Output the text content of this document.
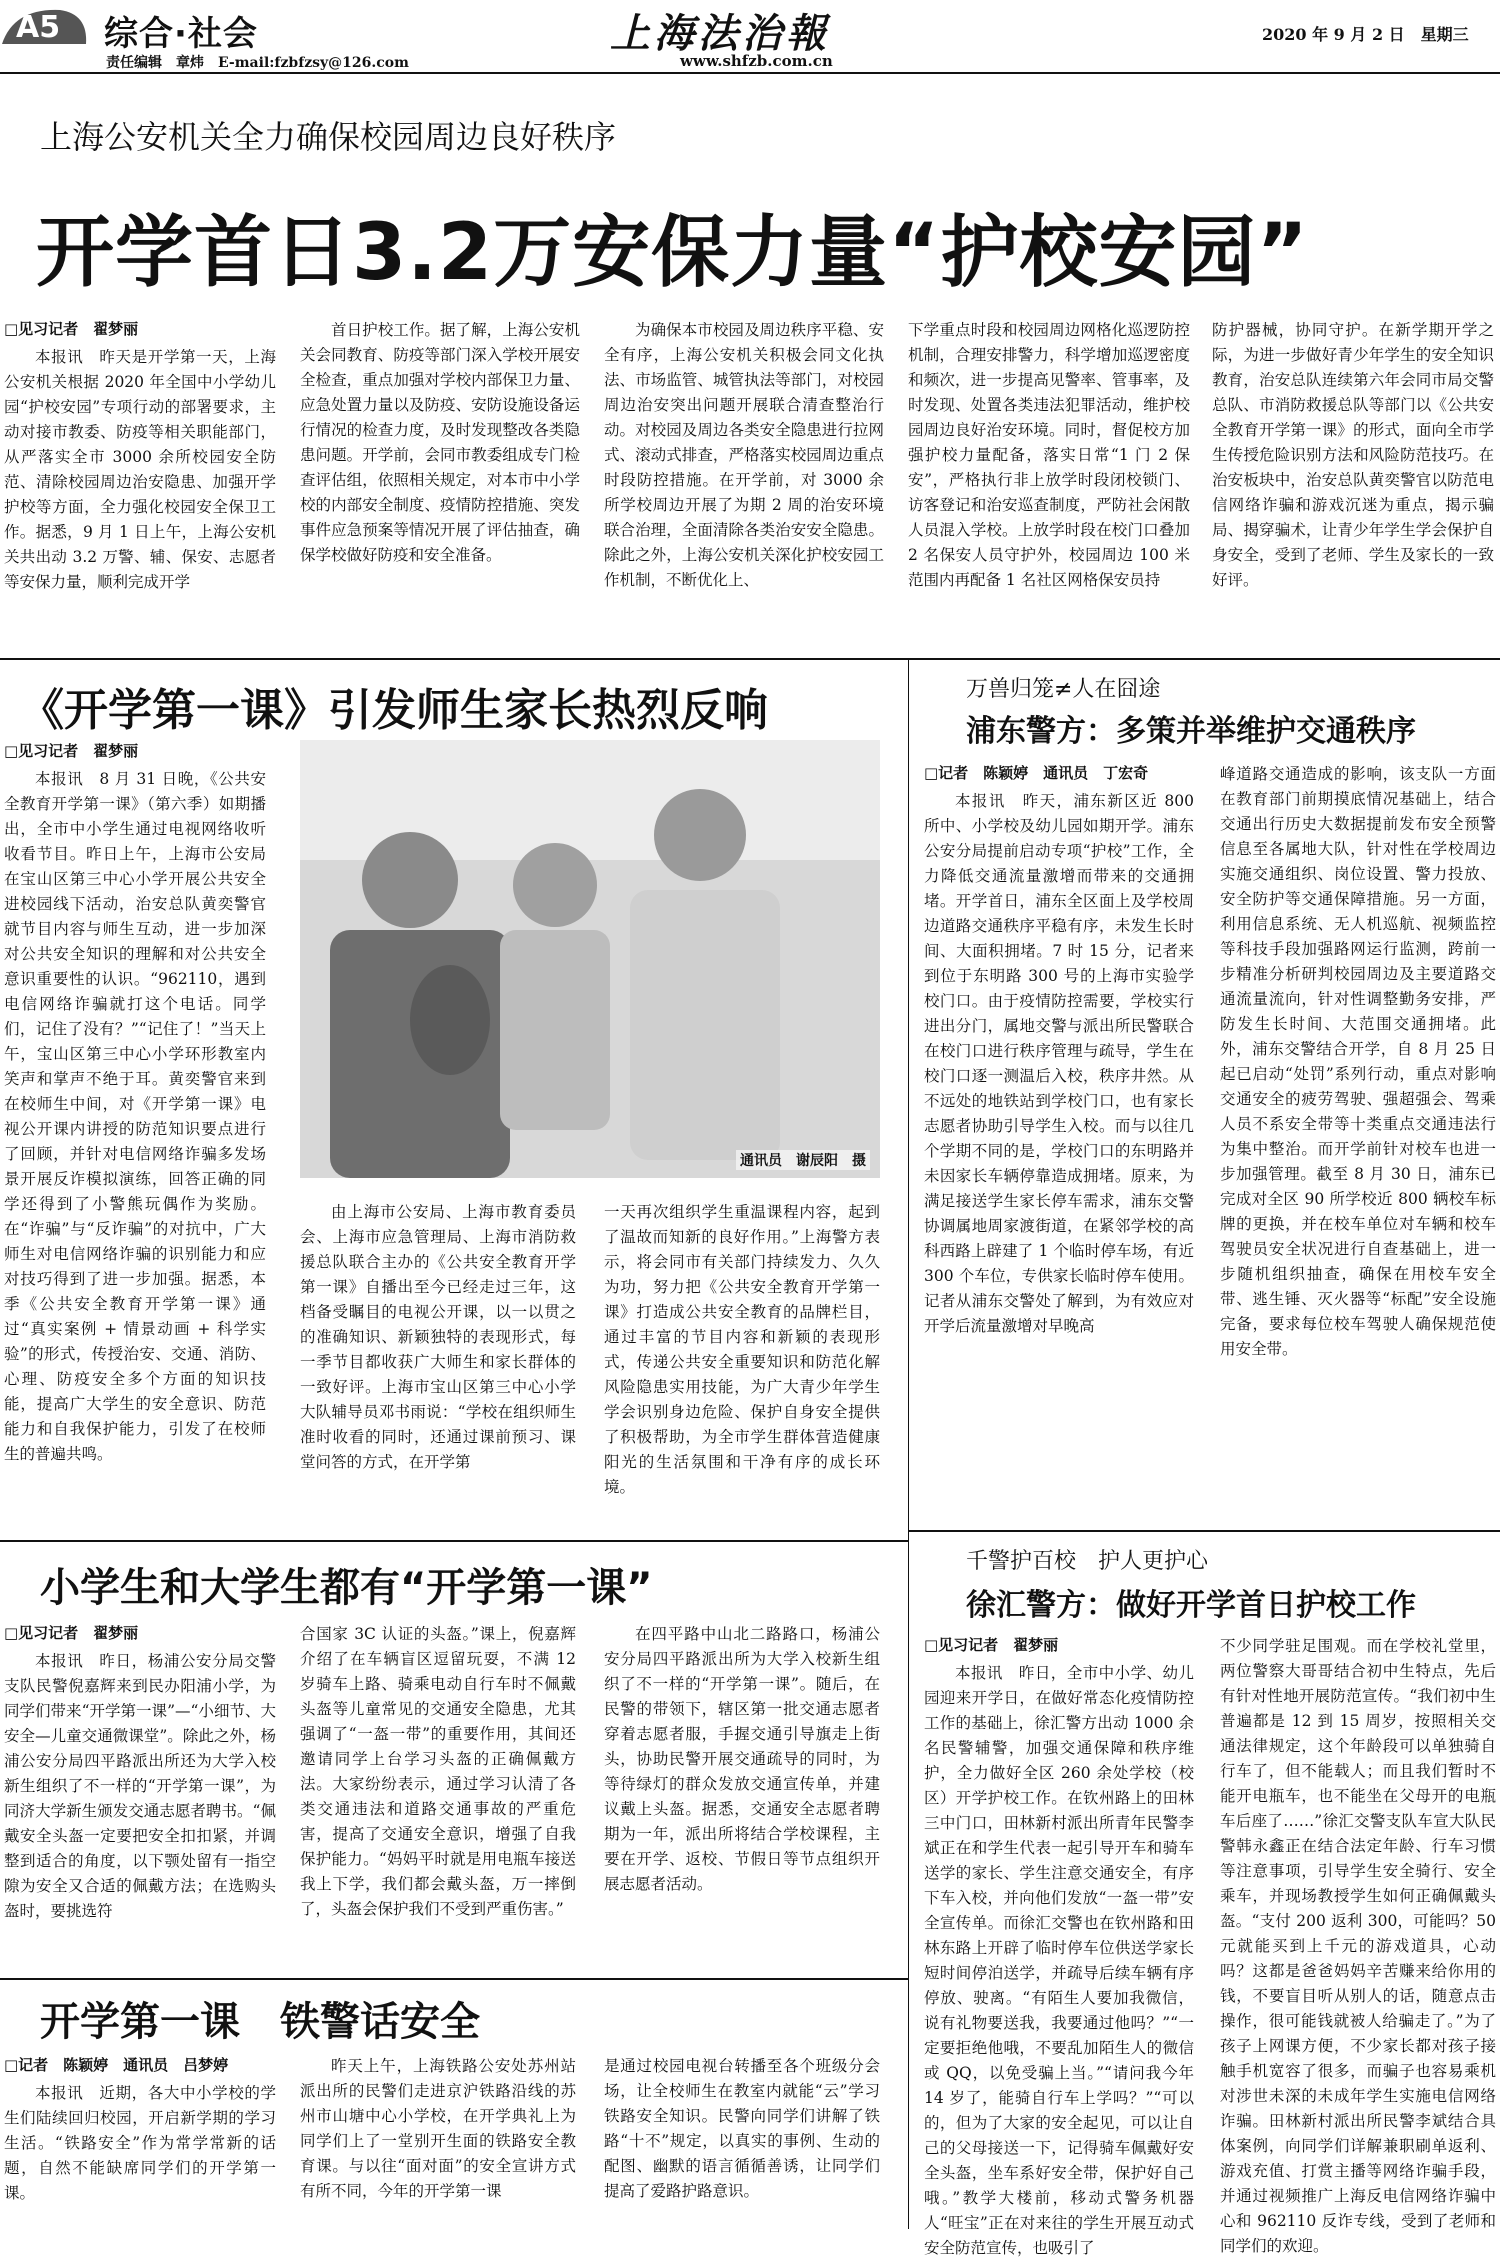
A5 综合·社会
责任编辑　章炜　E-mail:fzbfzsy@126.com
上海法治報
www.shfzb.com.cn
2020 年 9 月 2 日　星期三
上海公安机关全力确保校园周边良好秩序
开学首日3.2万安保力量“护校安园”

□见习记者　翟梦丽

本报讯　昨天是开学第一天，上海公安机关根据 2020 年全国中小学幼儿园“护校安园”专项行动的部署要求，主动对接市教委、防疫等相关职能部门，从严落实全市 3000 余所校园安全防范、清除校园周边治安隐患、加强开学护校等方面，全力强化校园安全保卫工作。据悉，9 月 1 日上午，上海公安机关共出动 3.2 万警、辅、保安、志愿者等安保力量，顺利完成开学

首日护校工作。据了解，上海公安机关会同教育、防疫等部门深入学校开展安全检查，重点加强对学校内部保卫力量、应急处置力量以及防疫、安防设施设备运行情况的检查力度，及时发现整改各类隐患问题。开学前，会同市教委组成专门检查评估组，依照相关规定，对本市中小学校的内部安全制度、疫情防控措施、突发事件应急预案等情况开展了评估抽查，确保学校做好防疫和安全准备。

为确保本市校园及周边秩序平稳、安全有序，上海公安机关积极会同文化执法、市场监管、城管执法等部门，对校园周边治安突出问题开展联合清查整治行动。对校园及周边各类安全隐患进行拉网式、滚动式排查，严格落实校园周边重点时段防控措施。在开学前，对 3000 余所学校周边开展了为期 2 周的治安环境联合治理，全面清除各类治安安全隐患。除此之外，上海公安机关深化护校安园工作机制，不断优化上、

下学重点时段和校园周边网格化巡逻防控机制，合理安排警力，科学增加巡逻密度和频次，进一步提高见警率、管事率，及时发现、处置各类违法犯罪活动，维护校园周边良好治安环境。同时，督促校方加强护校力量配备，落实日常“1 门 2 保安”，严格执行非上放学时段闭校锁门、访客登记和治安巡查制度，严防社会闲散人员混入学校。上放学时段在校门口叠加 2 名保安人员守护外，校园周边 100 米范围内再配备 1 名社区网格保安员持

防护器械，协同守护。在新学期开学之际，为进一步做好青少年学生的安全知识教育，治安总队连续第六年会同市局交警总队、市消防救援总队等部门以《公共安全教育开学第一课》的形式，面向全市学生传授危险识别方法和风险防范技巧。在治安板块中，治安总队黄奕警官以防范电信网络诈骗和游戏沉迷为重点，揭示骗局、揭穿骗术，让青少年学生学会保护自身安全，受到了老师、学生及家长的一致好评。

《开学第一课》引发师生家长热烈反响

□见习记者　翟梦丽

本报讯　8 月 31 日晚，《公共安全教育开学第一课》（第六季）如期播出，全市中小学生通过电视网络收听收看节目。昨日上午，上海市公安局在宝山区第三中心小学开展公共安全进校园线下活动，治安总队黄奕警官就节目内容与师生互动，进一步加深对公共安全知识的理解和对公共安全意识重要性的认识。“962110，遇到电信网络诈骗就打这个电话。同学们，记住了没有？”“记住了！”当天上午，宝山区第三中心小学环形教室内笑声和掌声不绝于耳。黄奕警官来到在校师生中间，对《开学第一课》电视公开课内讲授的防范知识要点进行了回顾，并针对电信网络诈骗多发场景开展反诈模拟演练，回答正确的同学还得到了小警熊玩偶作为奖励。在“诈骗”与“反诈骗”的对抗中，广大师生对电信网络诈骗的识别能力和应对技巧得到了进一步加强。据悉，本季《公共安全教育开学第一课》通过“真实案例 + 情景动画 + 科学实验”的形式，传授治安、交通、消防、心理、防疫安全多个方面的知识技能，提高广大学生的安全意识、防范能力和自我保护能力，引发了在校师生的普遍共鸣。

通讯员　谢辰阳　摄

由上海市公安局、上海市教育委员会、上海市应急管理局、上海市消防救援总队联合主办的《公共安全教育开学第一课》自播出至今已经走过三年，这档备受瞩目的电视公开课，以一以贯之的准确知识、新颖独特的表现形式，每一季节目都收获广大师生和家长群体的一致好评。上海市宝山区第三中心小学大队辅导员邓书雨说：“学校在组织师生准时收看的同时，还通过课前预习、课堂问答的方式，在开学第

一天再次组织学生重温课程内容，起到了温故而知新的良好作用。”上海警方表示，将会同市有关部门持续发力、久久为功，努力把《公共安全教育开学第一课》打造成公共安全教育的品牌栏目，通过丰富的节目内容和新颖的表现形式，传递公共安全重要知识和防范化解风险隐患实用技能，为广大青少年学生学会识别身边危险、保护自身安全提供了积极帮助，为全市学生群体营造健康阳光的生活氛围和干净有序的成长环境。

万兽归笼≠人在囧途
浦东警方：多策并举维护交通秩序

□记者　陈颖婷　通讯员　丁宏奇

本报讯　昨天，浦东新区近 800 所中、小学校及幼儿园如期开学。浦东公安分局提前启动专项“护校”工作，全力降低交通流量激增而带来的交通拥堵。开学首日，浦东全区面上及学校周边道路交通秩序平稳有序，未发生长时间、大面积拥堵。7 时 15 分，记者来到位于东明路 300 号的上海市实验学校门口。由于疫情防控需要，学校实行进出分门，属地交警与派出所民警联合在校门口进行秩序管理与疏导，学生在校门口逐一测温后入校，秩序井然。从不远处的地铁站到学校门口，也有家长志愿者协助引导学生入校。而与以往几个学期不同的是，学校门口的东明路并未因家长车辆停靠造成拥堵。原来，为满足接送学生家长停车需求，浦东交警协调属地周家渡街道，在紧邻学校的高科西路上辟建了 1 个临时停车场，有近 300 个车位，专供家长临时停车使用。记者从浦东交警处了解到，为有效应对开学后流量激增对早晚高

峰道路交通造成的影响，该支队一方面在教育部门前期摸底情况基础上，结合交通出行历史大数据提前发布安全预警信息至各属地大队，针对性在学校周边实施交通组织、岗位设置、警力投放、安全防护等交通保障措施。另一方面，利用信息系统、无人机巡航、视频监控等科技手段加强路网运行监测，跨前一步精准分析研判校园周边及主要道路交通流量流向，针对性调整勤务安排，严防发生长时间、大范围交通拥堵。此外，浦东交警结合开学，自 8 月 25 日起已启动“处罚”系列行动，重点对影响交通安全的疲劳驾驶、强超强会、驾乘人员不系安全带等十类重点交通违法行为集中整治。而开学前针对校车也进一步加强管理。截至 8 月 30 日，浦东已完成对全区 90 所学校近 800 辆校车标牌的更换，并在校车单位对车辆和校车驾驶员安全状况进行自查基础上，进一步随机组织抽查，确保在用校车安全带、逃生锤、灭火器等“标配”安全设施完备，要求每位校车驾驶人确保规范使用安全带。

千警护百校　护人更护心
徐汇警方：做好开学首日护校工作

□见习记者　翟梦丽

本报讯　昨日，全市中小学、幼儿园迎来开学日，在做好常态化疫情防控工作的基础上，徐汇警方出动 1000 余名民警辅警，加强交通保障和秩序维护，全力做好全区 260 余处学校（校区）开学护校工作。在钦州路上的田林三中门口，田林新村派出所青年民警李斌正在和学生代表一起引导开车和骑车送学的家长、学生注意交通安全，有序下车入校，并向他们发放“一盔一带”安全宣传单。而徐汇交警也在钦州路和田林东路上开辟了临时停车位供送学家长短时间停泊送学，并疏导后续车辆有序停放、驶离。“有陌生人要加我微信，说有礼物要送我，我要通过他吗？”“一定要拒绝他哦，不要乱加陌生人的微信或 QQ，以免受骗上当。”“请问我今年 14 岁了，能骑自行车上学吗？”“可以的，但为了大家的安全起见，可以让自己的父母接送一下，记得骑车佩戴好安全头盔，坐车系好安全带，保护好自己哦。”教学大楼前，移动式警务机器人“旺宝”正在对来往的学生开展互动式安全防范宣传，也吸引了

不少同学驻足围观。而在学校礼堂里，两位警察大哥哥结合初中生特点，先后有针对性地开展防范宣传。“我们初中生普遍都是 12 到 15 周岁，按照相关交通法律规定，这个年龄段可以单独骑自行车了，但不能载人；而且我们暂时不能开电瓶车，也不能坐在父母开的电瓶车后座了……”徐汇交警支队车宣大队民警韩永鑫正在结合法定年龄、行车习惯等注意事项，引导学生安全骑行、安全乘车，并现场教授学生如何正确佩戴头盔。“支付 200 返利 300，可能吗？50 元就能买到上千元的游戏道具，心动吗？这都是爸爸妈妈辛苦赚来给你用的钱，不要盲目听从别人的话，随意点击操作，很可能钱就被人给骗走了。”为了孩子上网课方便，不少家长都对孩子接触手机宽容了很多，而骗子也容易乘机对涉世未深的未成年学生实施电信网络诈骗。田林新村派出所民警李斌结合具体案例，向同学们详解兼职刷单返利、游戏充值、打赏主播等网络诈骗手段，并通过视频推广上海反电信网络诈骗中心和 962110 反诈专线，受到了老师和同学们的欢迎。

小学生和大学生都有“开学第一课”

□见习记者　翟梦丽

本报讯　昨日，杨浦公安分局交警支队民警倪嘉辉来到民办阳浦小学，为同学们带来“开学第一课”—“小细节、大安全—儿童交通微课堂”。除此之外，杨浦公安分局四平路派出所还为大学入校新生组织了不一样的“开学第一课”，为同济大学新生颁发交通志愿者聘书。“佩戴安全头盔一定要把安全扣扣紧，并调整到适合的角度，以下颚处留有一指空隙为安全又合适的佩戴方法；在选购头盔时，要挑选符

合国家 3C 认证的头盔。”课上，倪嘉辉介绍了在车辆盲区逗留玩耍，不满 12 岁骑车上路、骑乘电动自行车时不佩戴头盔等儿童常见的交通安全隐患，尤其强调了“一盔一带”的重要作用，其间还邀请同学上台学习头盔的正确佩戴方法。大家纷纷表示，通过学习认清了各类交通违法和道路交通事故的严重危害，提高了交通安全意识，增强了自我保护能力。“妈妈平时就是用电瓶车接送我上下学，我们都会戴头盔，万一摔倒了，头盔会保护我们不受到严重伤害。”

在四平路中山北二路路口，杨浦公安分局四平路派出所为大学入校新生组织了不一样的“开学第一课”。随后，在民警的带领下，辖区第一批交通志愿者穿着志愿者服，手握交通引导旗走上街头，协助民警开展交通疏导的同时，为等待绿灯的群众发放交通宣传单，并建议戴上头盔。据悉，交通安全志愿者聘期为一年，派出所将结合学校课程，主要在开学、返校、节假日等节点组织开展志愿者活动。

开学第一课　铁警话安全

□记者　陈颖婷　通讯员　吕梦婷

本报讯　近期，各大中小学校的学生们陆续回归校园，开启新学期的学习生活。“铁路安全”作为常学常新的话题，自然不能缺席同学们的开学第一课。

昨天上午，上海铁路公安处苏州站派出所的民警们走进京沪铁路沿线的苏州市山塘中心小学校，在开学典礼上为同学们上了一堂别开生面的铁路安全教育课。与以往“面对面”的安全宣讲方式有所不同，今年的开学第一课

是通过校园电视台转播至各个班级分会场，让全校师生在教室内就能“云”学习铁路安全知识。民警向同学们讲解了铁路“十不”规定，以真实的事例、生动的配图、幽默的语言循循善诱，让同学们提高了爱路护路意识。
